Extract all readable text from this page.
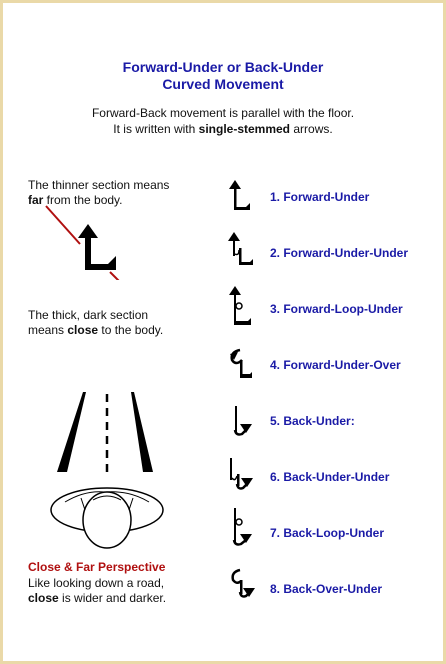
Forward-Under or Back-Under
Curved Movement
Forward-Back movement is parallel with the floor.
It is written with single-stemmed arrows.
The thinner section means
far from the body.
The thick, dark section
means close to the body.
Close & Far Perspective
Like looking down a road,
close is wider and darker.
1. Forward-Under
2. Forward-Under-Under
3. Forward-Loop-Under
4. Forward-Under-Over
5. Back-Under:
6. Back-Under-Under
7. Back-Loop-Under
8. Back-Over-Under
